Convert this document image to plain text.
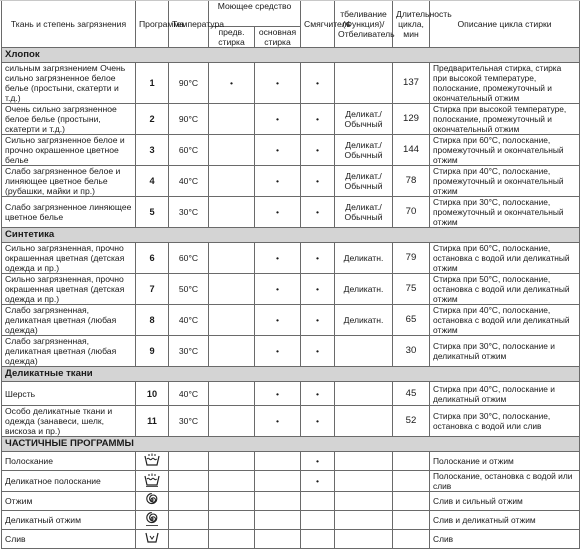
Ткань и степень загрязнения	Программа	Температура	Моющее средство		Смягчитель	тбеливание (Функция)/ Отбеливатель	Длительность цикла, мин	Описание цикла стирки
			предв. стирка	основная стирка				
Хлопок								
сильным загрязнением Очень сильно загрязненное белое белье (простыни, скатерти и т.д.)	1	90°C	•	•	•		137	Предварительная стирка, стирка при высокой температуре, полоскание, промежуточный и окончательный отжим
Очень сильно загрязненное белое белье (простыни, скатерти и т.д.)	2	90°C		•	•	Деликат./ Обычный	129	Стирка при высокой температуре, полоскание, промежуточный и окончательный отжим
Сильно загрязненное белое и прочно окрашенное цветное белье	3	60°C		•	•	Деликат./ Обычный	144	Стирка при 60°C, полоскание, промежуточный и окончательный отжим
Слабо загрязненное белое и линяющее цветное белье (рубашки, майки и пр.)	4	40°C		•	•	Деликат./ Обычный	78	Стирка при 40°C, полоскание, промежуточный и окончательный отжим
Слабо загрязненное линяющее цветное белье	5	30°C		•	•	Деликат./ Обычный	70	Стирка при 30°C, полоскание, промежуточный и окончательный отжим
Синтетика								
Сильно загрязненная, прочно окрашенная цветная (детская одежда и пр.)	6	60°C		•	•	Деликатн.	79	Стирка при 60°C, полоскание, остановка с водой или деликатный отжим
Сильно загрязненная, прочно окрашенная цветная (детская одежда и пр.)	7	50°C		•	•	Деликатн.	75	Стирка при 50°C, полоскание, остановка с водой или деликатный отжим
Слабо загрязненная, деликатная цветная (любая одежда)	8	40°C		•	•	Деликатн.	65	Стирка при 40°C, полоскание, остановка с водой или деликатный отжим
Слабо загрязненная, деликатная цветная (любая одежда)	9	30°C		•	•		30	Стирка при 30°C, полоскание и деликатный отжим
Деликатные ткани								
Шерсть	10	40°C		•	•		45	Стирка при 40°C, полоскание и деликатный отжим
Особо деликатные ткани и одежда (занавеси, шелк, вискоза и пр.)	11	30°C		•	•		52	Стирка при 30°C, полоскание, остановка с водой или слив
ЧАСТИЧНЫЕ ПРОГРАММЫ								
Полоскание					•			Полоскание и отжим
Деликатное полоскание					•			Полоскание, остановка с водой или слив
Отжим								Слив и сильный отжим
Деликатный отжим								Слив и деликатный отжим
Слив								Слив
